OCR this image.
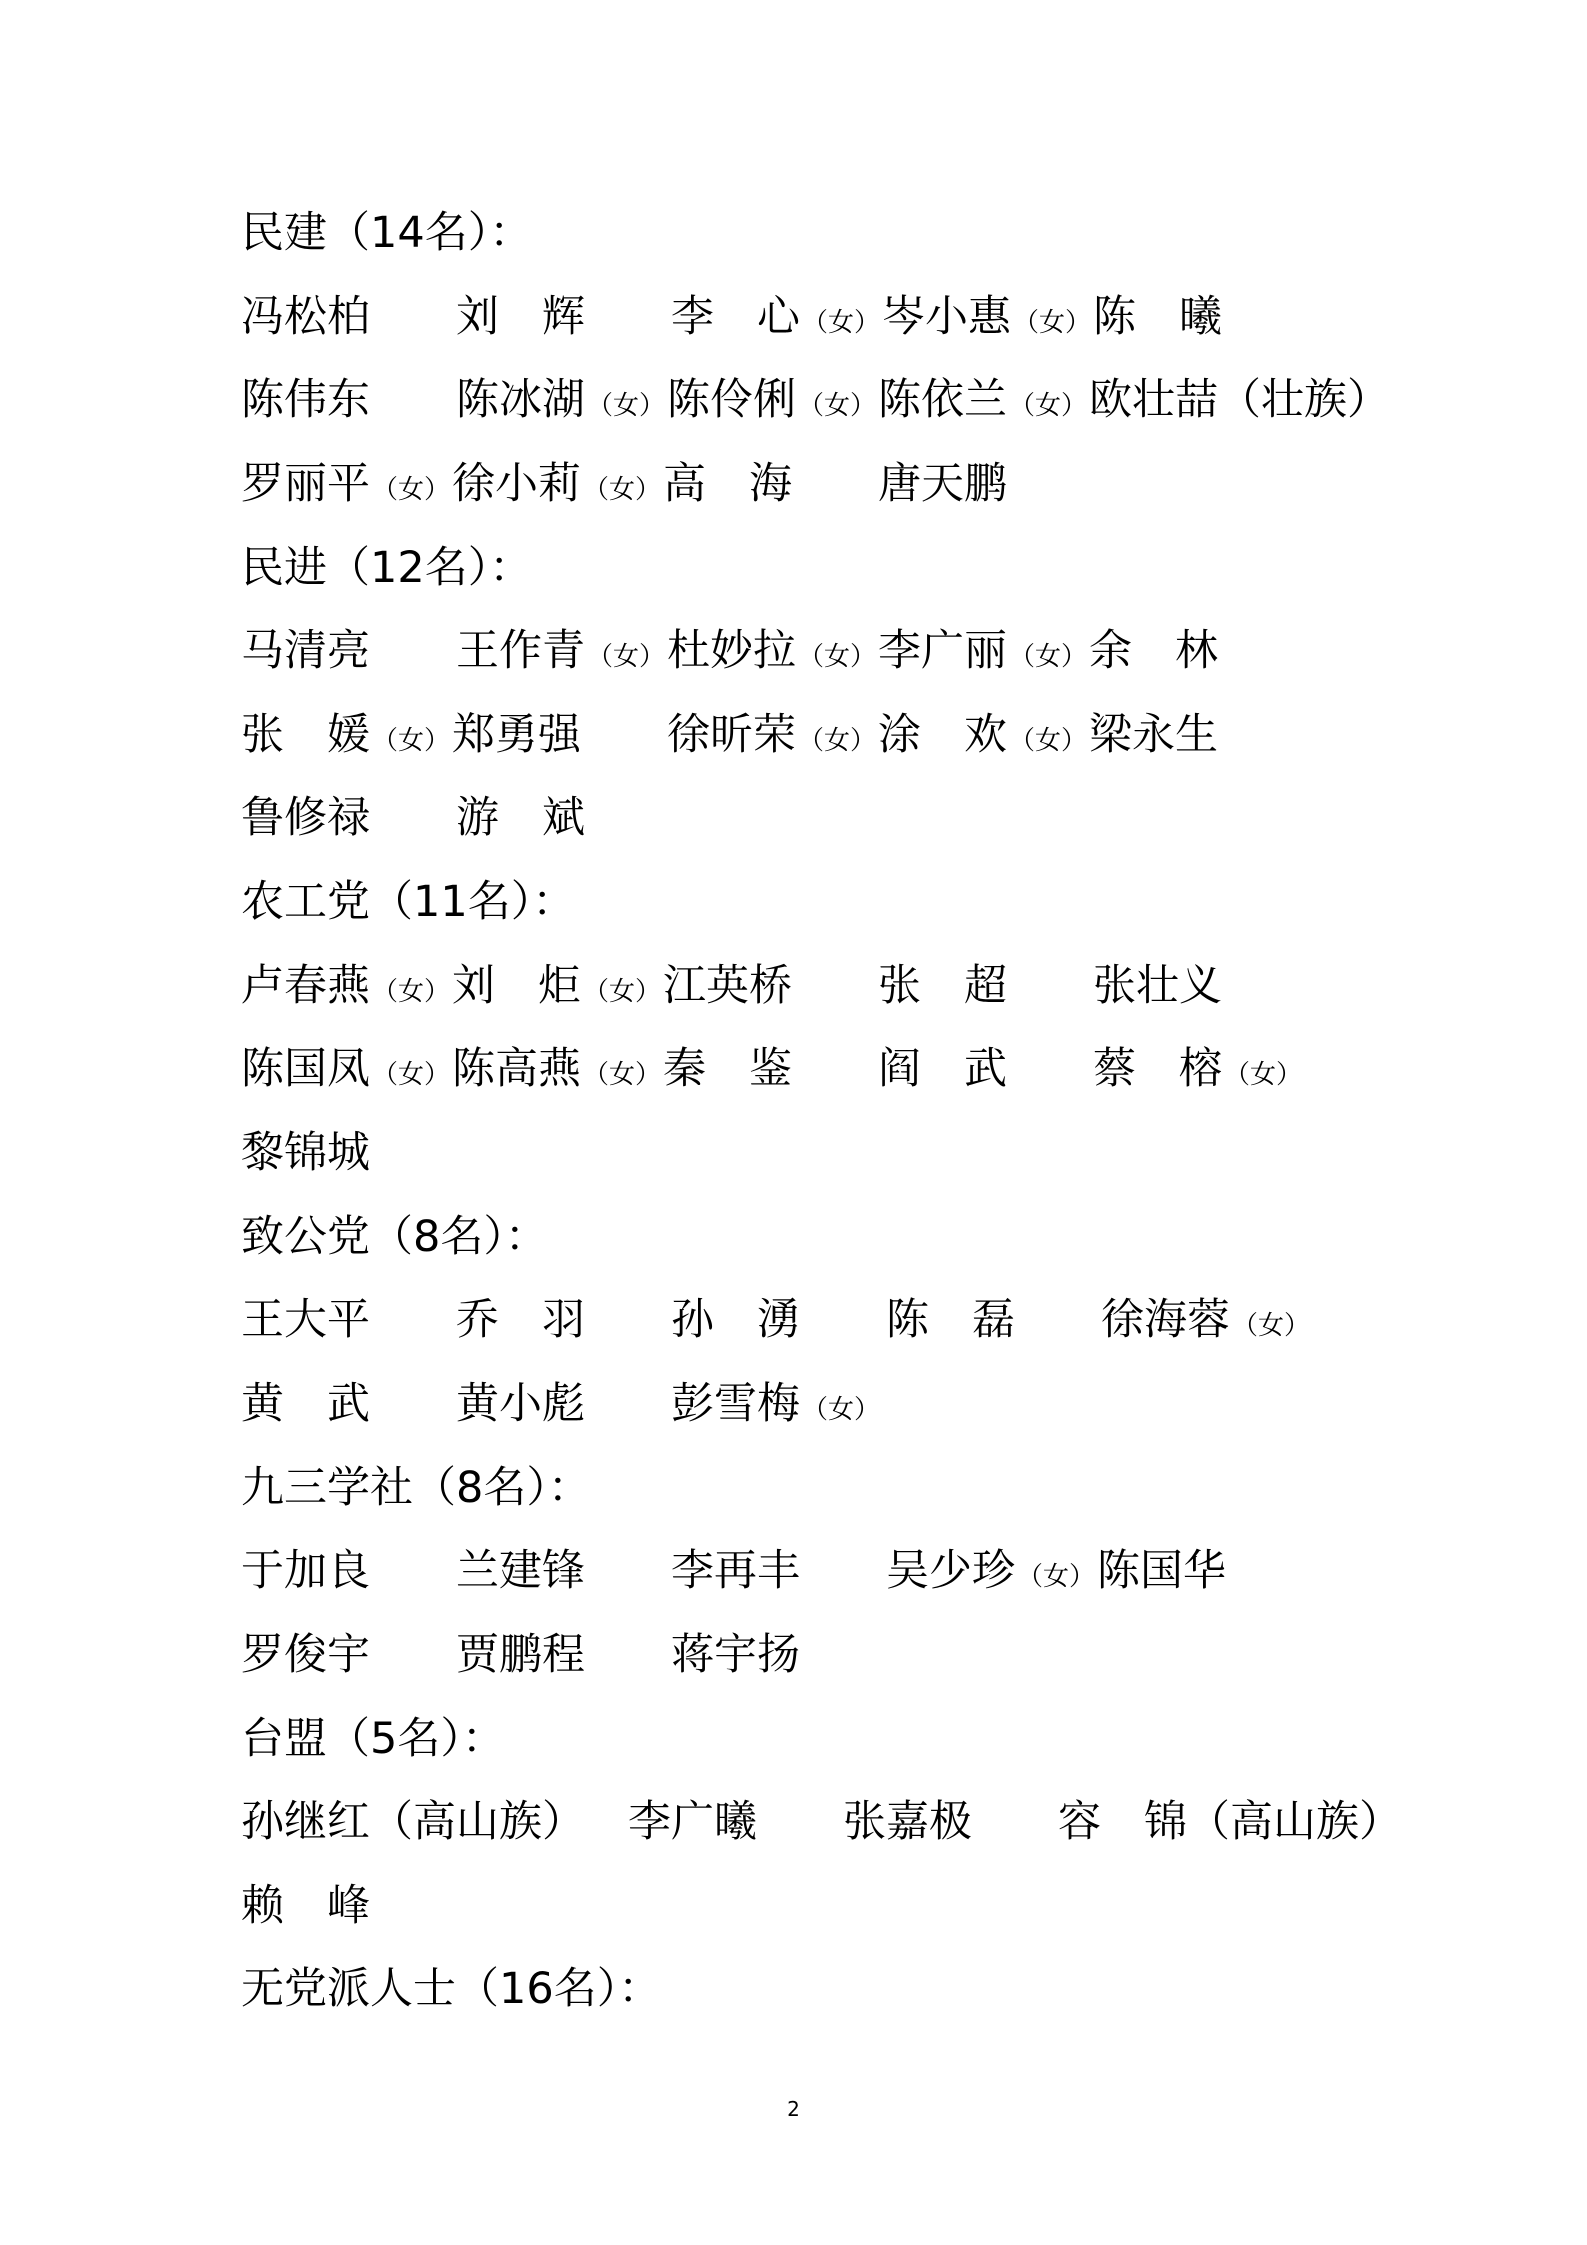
民建（14名）：
冯松柏 刘　辉 李　心（女）岑小惠（女）陈　曦
陈伟东 陈冰湖（女）陈伶俐（女）陈依兰（女）欧壮喆（壮族）
罗丽平（女）徐小莉（女）高　海 唐天鹏
民进（12名）：
马清亮 王作青（女）杜妙拉（女）李广丽（女）余　林
张　媛（女）郑勇强 徐昕荣（女）涂　欢（女）梁永生
鲁修禄 游　斌
农工党（11名）：
卢春燕（女）刘　炬（女）江英桥 张　超 张壮义
陈国凤（女）陈高燕（女）秦　鉴 阎　武 蔡　榕（女）
黎锦城
致公党（8名）：
王大平 乔　羽 孙　湧 陈　磊 徐海蓉（女）
黄　武 黄小彪 彭雪梅（女）
九三学社（8名）：
于加良 兰建锋 李再丰 吴少珍（女）陈国华
罗俊宇 贾鹏程 蒋宇扬
台盟（5名）：
孙继红（高山族） 李广曦 张嘉极 容　锦（高山族）
赖　峰
无党派人士（16名）：
2
